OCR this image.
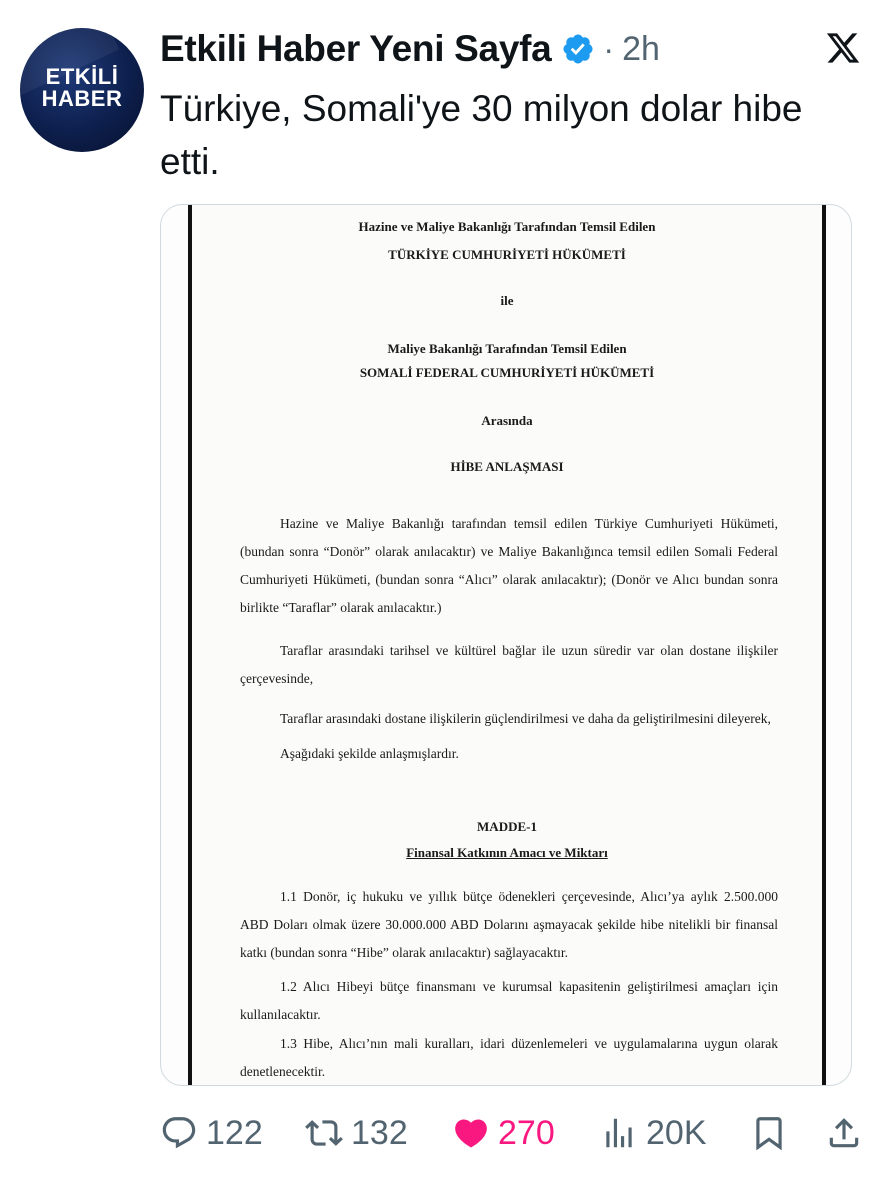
ETKİLİ
HABER
Etkili Haber Yeni Sayfa · 2h
Türkiye, Somali'ye 30 milyon dolar hibe etti.
Hazine ve Maliye Bakanlığı Tarafından Temsil Edilen
TÜRKİYE CUMHURİYETİ HÜKÜMETİ
ile
Maliye Bakanlığı Tarafından Temsil Edilen
SOMALİ FEDERAL CUMHURİYETİ HÜKÜMETİ
Arasında
HİBE ANLAŞMASI
Hazine ve Maliye Bakanlığı tarafından temsil edilen Türkiye Cumhuriyeti Hükümeti,
(bundan sonra “Donör” olarak anılacaktır) ve Maliye Bakanlığınca temsil edilen Somali Federal
Cumhuriyeti Hükümeti, (bundan sonra “Alıcı” olarak anılacaktır); (Donör ve Alıcı bundan sonra
birlikte “Taraflar” olarak anılacaktır.)
Taraflar arasındaki tarihsel ve kültürel bağlar ile uzun süredir var olan dostane ilişkiler
çerçevesinde,
Taraflar arasındaki dostane ilişkilerin güçlendirilmesi ve daha da geliştirilmesini dileyerek,
Aşağıdaki şekilde anlaşmışlardır.
MADDE-1
Finansal Katkının Amacı ve Miktarı
1.1 Donör, iç hukuku ve yıllık bütçe ödenekleri çerçevesinde, Alıcı’ya aylık 2.500.000
ABD Doları olmak üzere 30.000.000 ABD Dolarını aşmayacak şekilde hibe nitelikli bir finansal
katkı (bundan sonra “Hibe” olarak anılacaktır) sağlayacaktır.
1.2 Alıcı Hibeyi bütçe finansmanı ve kurumsal kapasitenin geliştirilmesi amaçları için
kullanılacaktır.
1.3 Hibe, Alıcı’nın mali kuralları, idari düzenlemeleri ve uygulamalarına uygun olarak
denetlenecektir.
122	132	270	20K
